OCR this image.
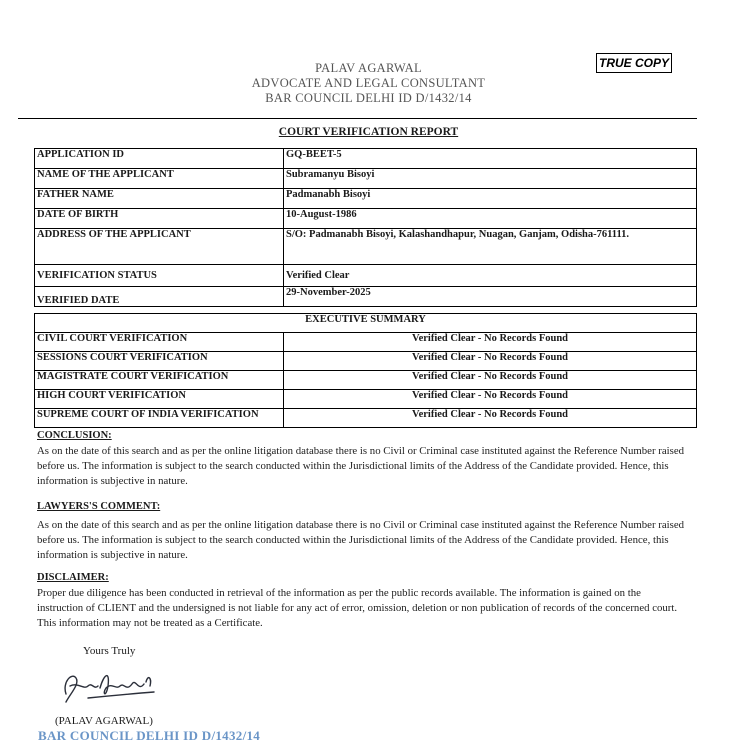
PALAV AGARWAL
ADVOCATE AND LEGAL CONSULTANT
BAR COUNCIL DELHI ID D/1432/14
TRUE COPY
COURT VERIFICATION REPORT
APPLICATION ID	GQ-BEET-5
NAME OF THE APPLICANT	Subramanyu Bisoyi
FATHER NAME	Padmanabh Bisoyi
DATE OF BIRTH	10-August-1986
ADDRESS OF THE APPLICANT	S/O: Padmanabh Bisoyi, Kalashandhapur, Nuagan, Ganjam, Odisha-761111.
VERIFICATION STATUS	Verified Clear
VERIFIED DATE	29-November-2025
EXECUTIVE SUMMARY	
CIVIL COURT VERIFICATION	Verified Clear - No Records Found
SESSIONS COURT VERIFICATION	Verified Clear - No Records Found
MAGISTRATE COURT VERIFICATION	Verified Clear - No Records Found
HIGH COURT VERIFICATION	Verified Clear - No Records Found
SUPREME COURT OF INDIA VERIFICATION	Verified Clear - No Records Found
CONCLUSION:
As on the date of this search and as per the online litigation database there is no Civil or Criminal case instituted against the Reference Number raised before us. The information is subject to the search conducted within the Jurisdictional limits of the Address of the Candidate provided. Hence, this information is subjective in nature.
LAWYERS'S COMMENT:
As on the date of this search and as per the online litigation database there is no Civil or Criminal case instituted against the Reference Number raised before us. The information is subject to the search conducted within the Jurisdictional limits of the Address of the Candidate provided. Hence, this information is subjective in nature.
DISCLAIMER:
Proper due diligence has been conducted in retrieval of the information as per the public records available. The information is gained on the instruction of CLIENT and the undersigned is not liable for any act of error, omission, deletion or non publication of records of the concerned court. This information may not be treated as a Certificate.
Yours Truly
(PALAV AGARWAL)
BAR COUNCIL DELHI ID D/1432/14
